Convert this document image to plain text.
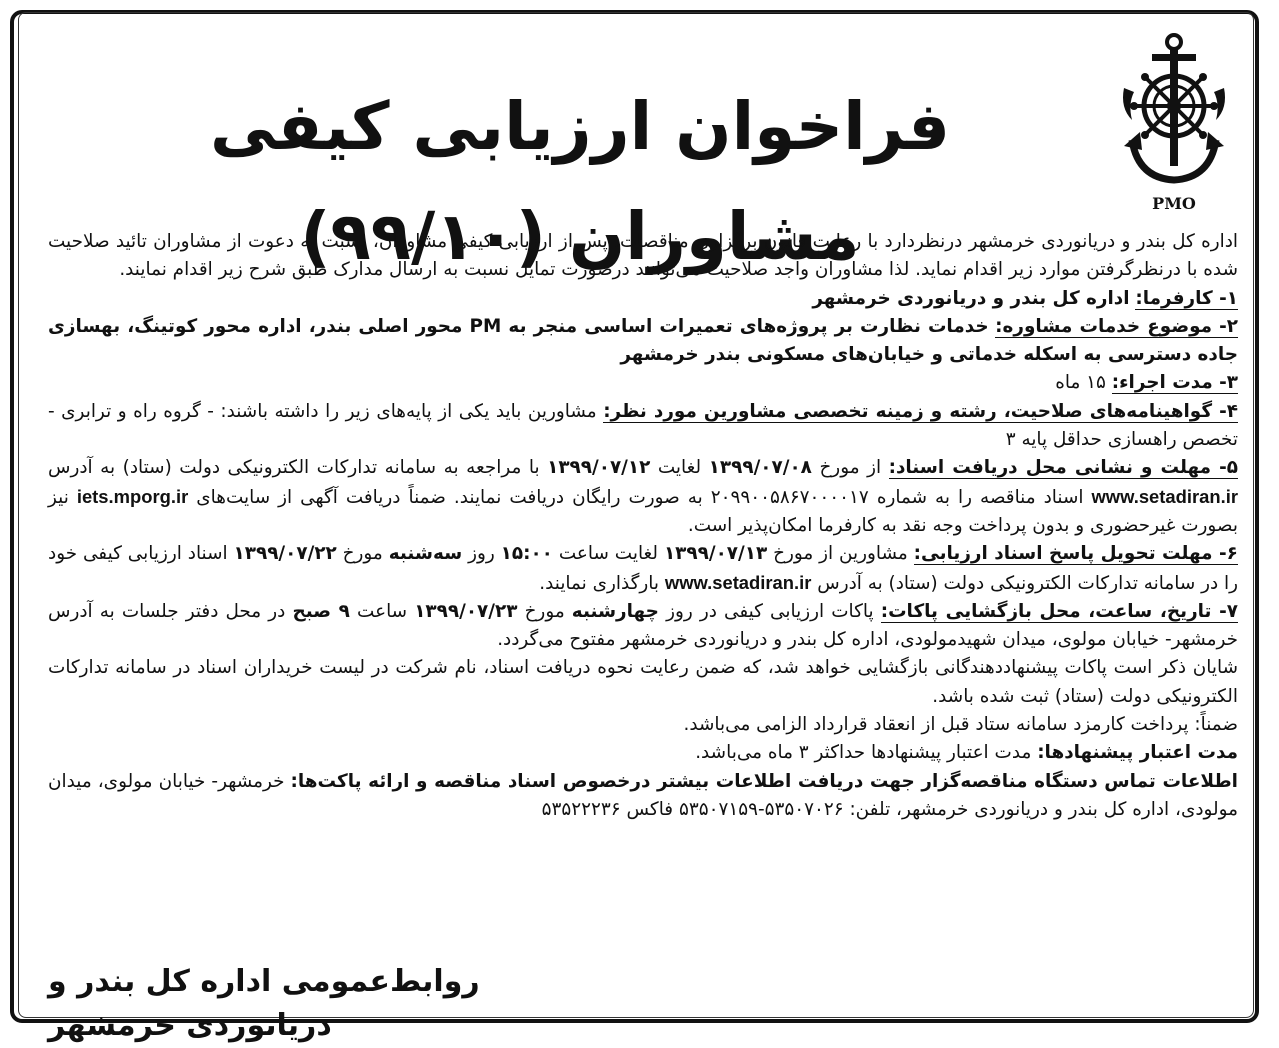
PMO
فراخوان ارزیابی کیفی مشاوران (۹۹/۱۰)

اداره کل بندر و دریانوردی خرمشهر درنظردارد با رعایت قانون برگزاری مناقصات، پس از ارزیابی کیفی مشاوران، نسبت به دعوت از مشاوران تائید صلاحیت شده با درنظرگرفتن موارد زیر اقدام نماید. لذا مشاوران واجد صلاحیت می‌توانند درصورت تمایل نسبت به ارسال مدارک طبق شرح زیر اقدام نمایند.

۱- کارفرما: اداره کل بندر و دریانوردی خرمشهر

۲- موضوع خدمات مشاوره: خدمات نظارت بر پروژه‌های تعمیرات اساسی منجر به PM محور اصلی بندر، اداره محور کوتینگ، بهسازی جاده دسترسی به اسکله خدماتی و خیابان‌های مسکونی بندر خرمشهر

۳- مدت اجراء: ۱۵ ماه

۴- گواهینامه‌های صلاحیت، رشته و زمینه تخصصی مشاورین مورد نظر: مشاورین باید یکی از پایه‌های زیر را داشته باشند: - گروه راه و ترابری - تخصص راهسازی حداقل پایه ۳

۵- مهلت و نشانی محل دریافت اسناد: از مورخ ۱۳۹۹/۰۷/۰۸ لغایت ۱۳۹۹/۰۷/۱۲ با مراجعه به سامانه تدارکات الکترونیکی دولت (ستاد) به آدرس www.setadiran.ir اسناد مناقصه را به شماره ۲۰۹۹۰۰۵۸۶۷۰۰۰۰۱۷ به صورت رایگان دریافت نمایند. ضمناً دریافت آگهی از سایت‌های iets.mporg.ir نیز بصورت غیرحضوری و بدون پرداخت وجه نقد به کارفرما امکان‌پذیر است.

۶- مهلت تحویل پاسخ اسناد ارزیابی: مشاورین از مورخ ۱۳۹۹/۰۷/۱۳ لغایت ساعت ۱۵:۰۰ روز سه‌شنبه مورخ ۱۳۹۹/۰۷/۲۲ اسناد ارزیابی کیفی خود را در سامانه تدارکات الکترونیکی دولت (ستاد) به آدرس www.setadiran.ir بارگذاری نمایند.

۷- تاریخ، ساعت، محل بازگشایی پاکات: پاکات ارزیابی کیفی در روز چهارشنبه مورخ ۱۳۹۹/۰۷/۲۳ ساعت ۹ صبح در محل دفتر جلسات به آدرس خرمشهر- خیابان مولوی، میدان شهیدمولودی، اداره کل بندر و دریانوردی خرمشهر مفتوح می‌گردد.

شایان ذکر است پاکات پیشنهاددهندگانی بازگشایی خواهد شد، که ضمن رعایت نحوه دریافت اسناد، نام شرکت در لیست خریداران اسناد در سامانه تدارکات الکترونیکی دولت (ستاد) ثبت شده باشد.

ضمناً: پرداخت کارمزد سامانه ستاد قبل از انعقاد قرارداد الزامی می‌باشد.

مدت اعتبار پیشنهادها: مدت اعتبار پیشنهادها حداکثر ۳ ماه می‌باشد.

اطلاعات تماس دستگاه مناقصه‌گزار جهت دریافت اطلاعات بیشتر درخصوص اسناد مناقصه و ارائه پاکت‌ها: خرمشهر- خیابان مولوی، میدان مولودی، اداره کل بندر و دریانوردی خرمشهر، تلفن: ۵۳۵۰۷۰۲۶-۵۳۵۰۷۱۵۹ فاکس ۵۳۵۲۲۲۳۶

روابط‌عمومی اداره کل بندر و دریانوردی خرمشهر
